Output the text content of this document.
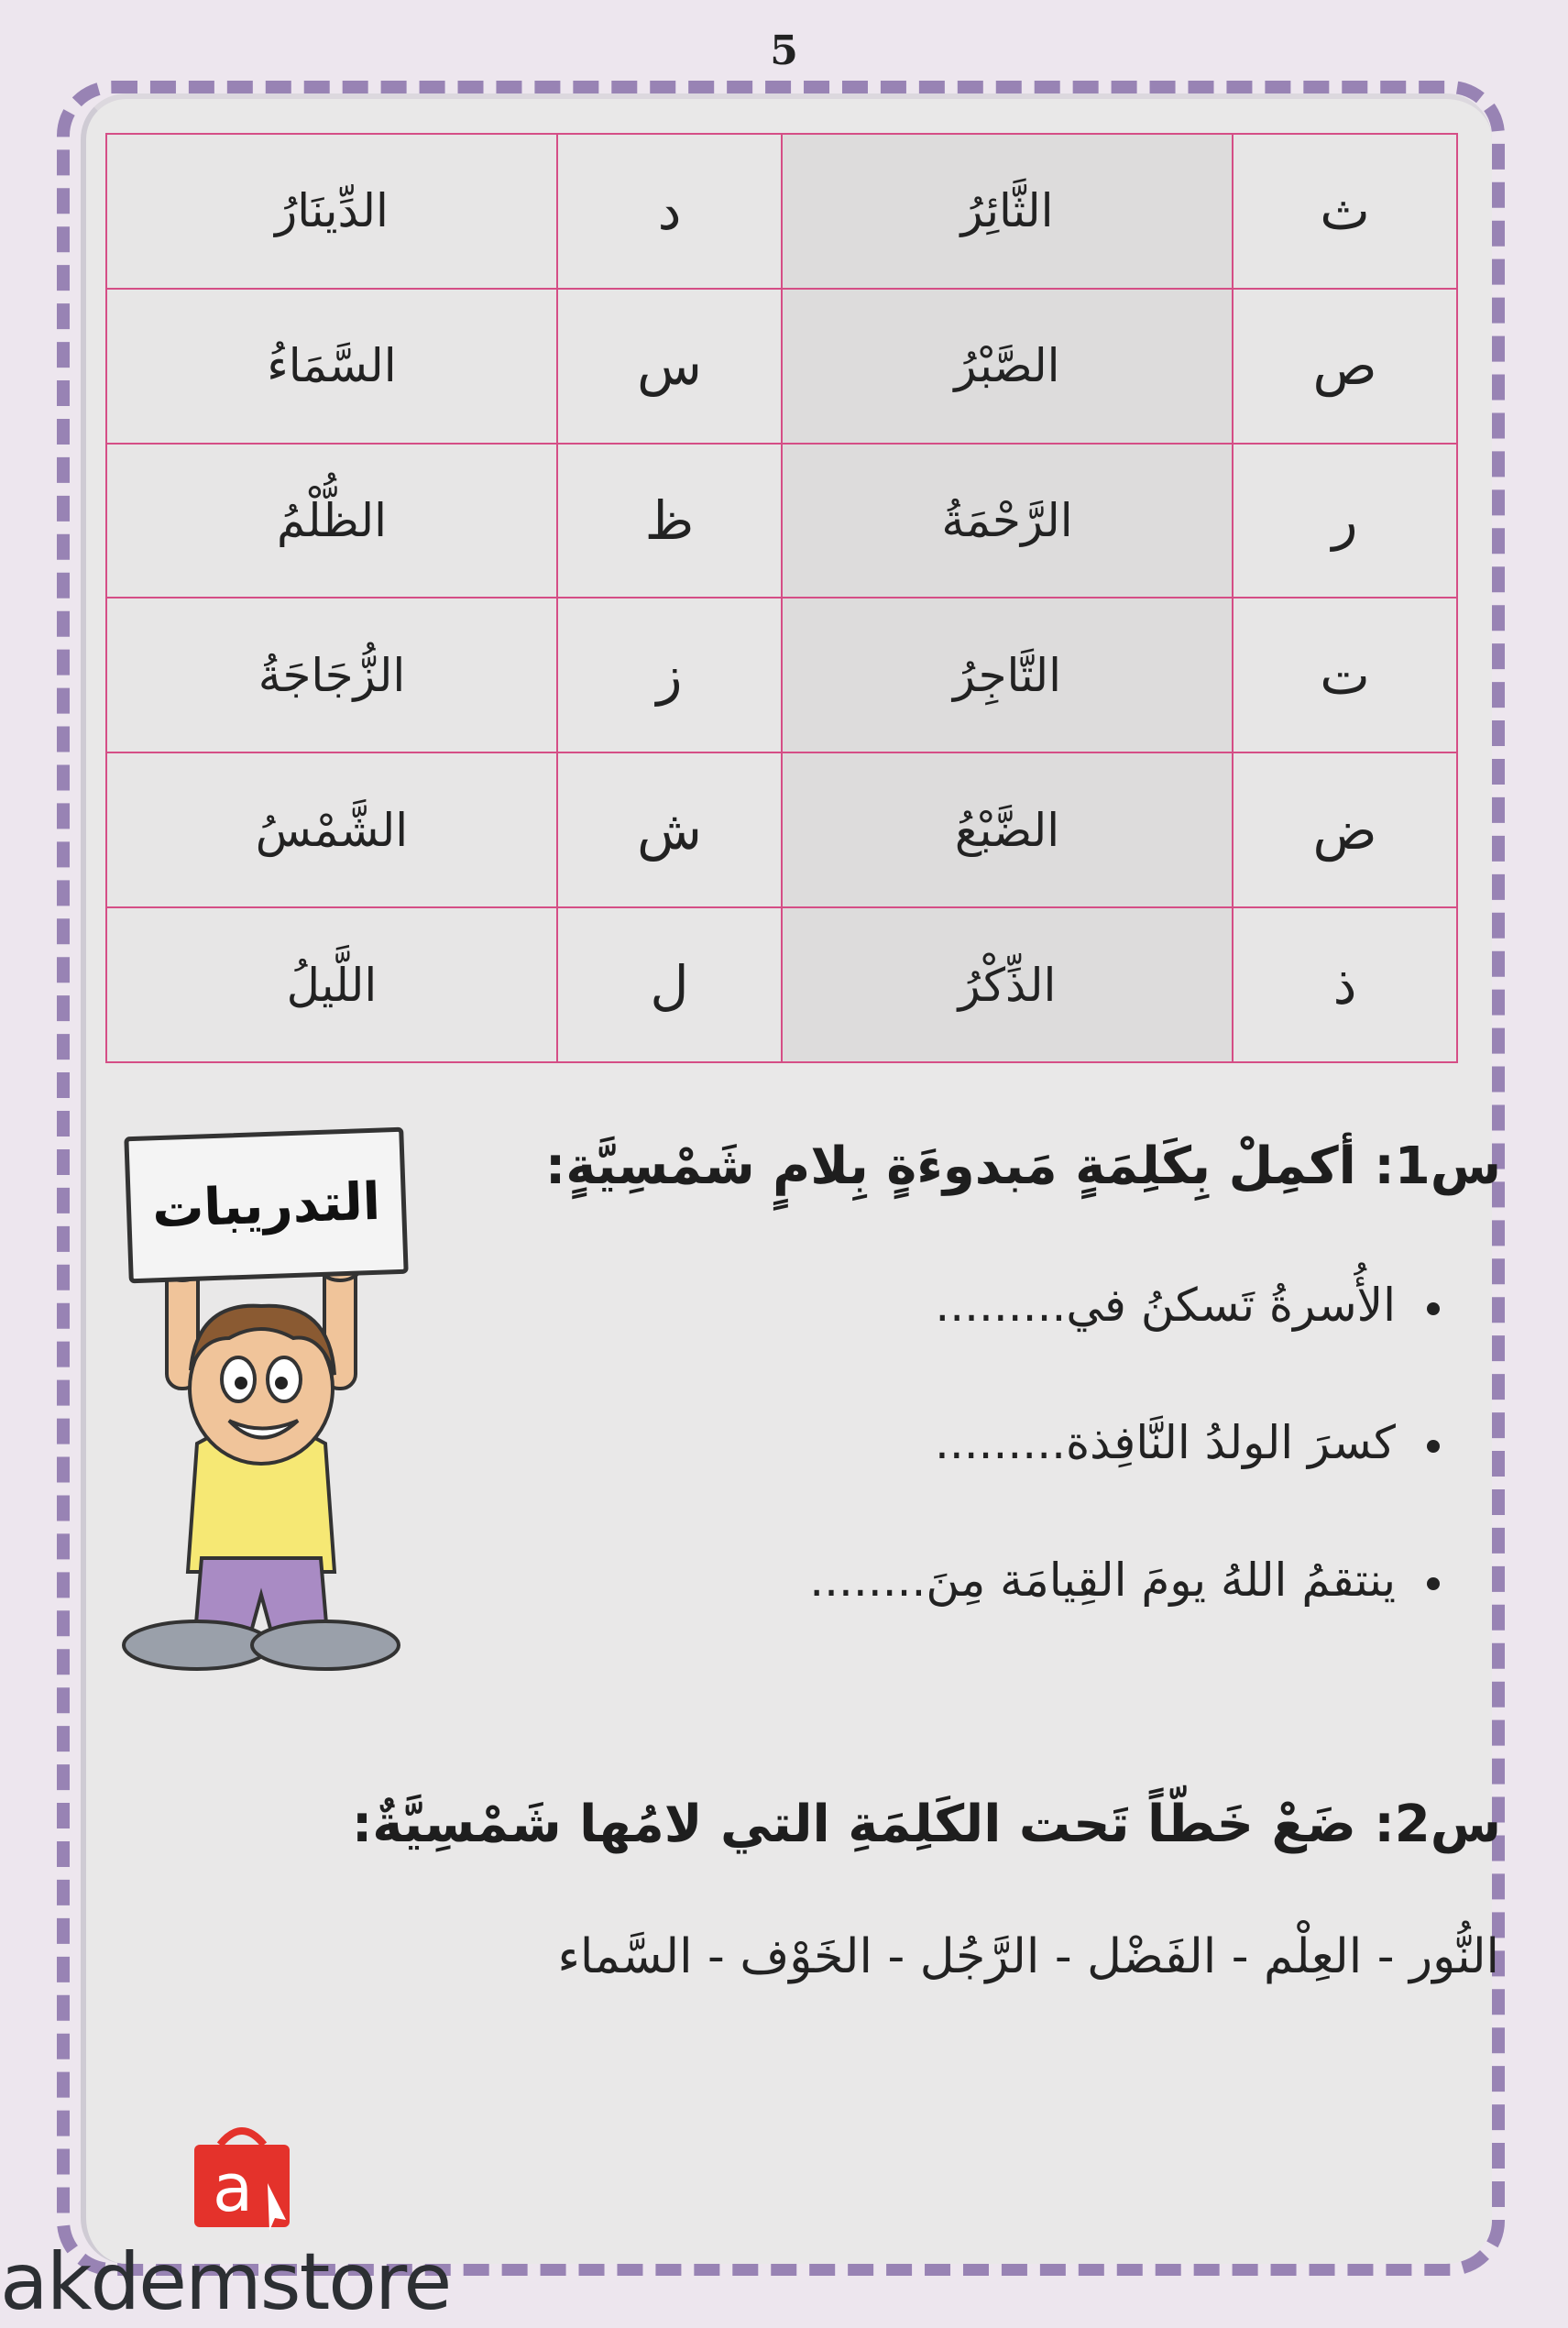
5
ث	الثَّائِرُ	د	الدِّينَارُ
ص	الصَّبْرُ	س	السَّمَاءُ
ر	الرَّحْمَةُ	ظ	الظُّلْمُ
ت	التَّاجِرُ	ز	الزُّجَاجَةُ
ض	الضَّبْعُ	ش	الشَّمْسُ
ذ	الذِّكْرُ	ل	اللَّيلُ
التدريبات
س1: أكمِلْ بِكَلِمَةٍ مَبدوءَةٍ بِلامٍ شَمْسِيَّةٍ:
الأُسرةُ تَسكنُ في.........
كسرَ الولدُ النَّافِذة.........
ينتقمُ اللهُ يومَ القِيامَة مِنَ........
س2: ضَعْ خَطّاً تَحت الكَلِمَةِ التي لامُها شَمْسِيَّةٌ:
النُّور - العِلْم - الفَضْل - الرَّجُل - الخَوْف - السَّماء
a
akdemstore
